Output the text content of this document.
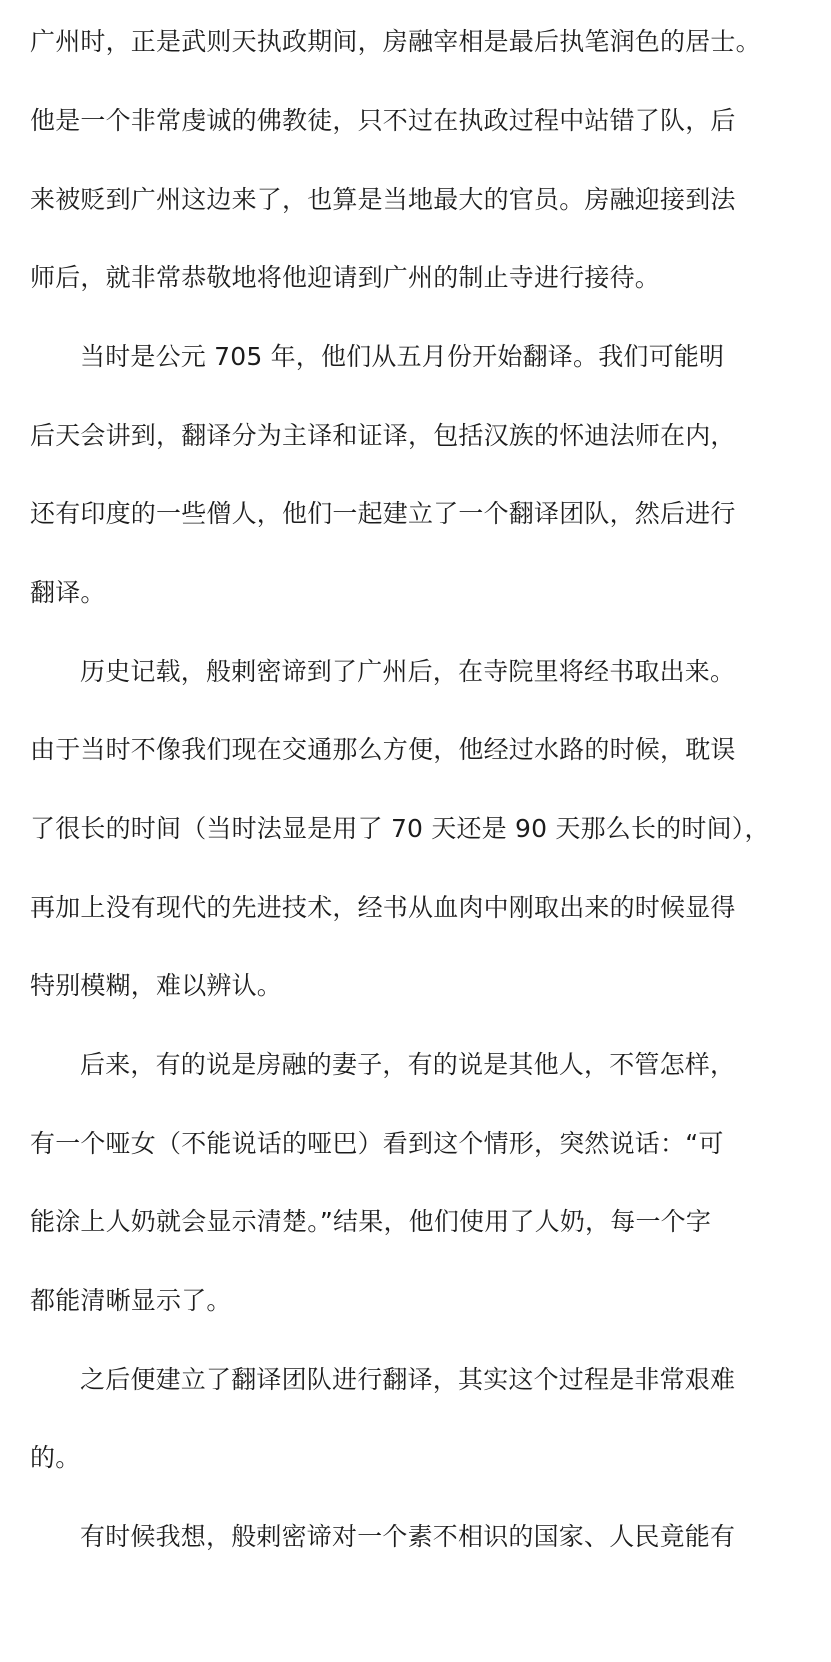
广州时，正是武则天执政期间，房融宰相是最后执笔润色的居士。

他是一个非常虔诚的佛教徒，只不过在执政过程中站错了队，后

来被贬到广州这边来了，也算是当地最大的官员。房融迎接到法

师后，就非常恭敬地将他迎请到广州的制止寺进行接待。

当时是公元 705 年，他们从五月份开始翻译。我们可能明

后天会讲到，翻译分为主译和证译，包括汉族的怀迪法师在内，

还有印度的一些僧人，他们一起建立了一个翻译团队，然后进行

翻译。

历史记载，般剌密谛到了广州后，在寺院里将经书取出来。

由于当时不像我们现在交通那么方便，他经过水路的时候，耽误

了很长的时间（当时法显是用了 70 天还是 90 天那么长的时间），

再加上没有现代的先进技术，经书从血肉中刚取出来的时候显得

特别模糊，难以辨认。

后来，有的说是房融的妻子，有的说是其他人，不管怎样，

有一个哑女（不能说话的哑巴）看到这个情形，突然说话：“可

能涂上人奶就会显示清楚。”结果，他们使用了人奶，每一个字

都能清晰显示了。

之后便建立了翻译团队进行翻译，其实这个过程是非常艰难

的。

有时候我想，般剌密谛对一个素不相识的国家、人民竟能有
